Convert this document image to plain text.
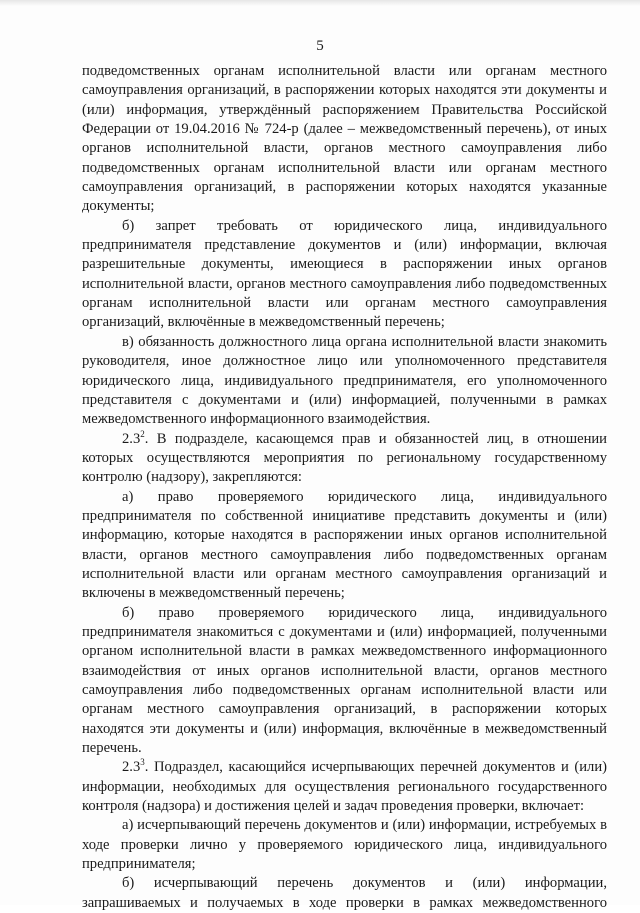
5

подведомственных органам исполнительной власти или органам местного самоуправления организаций, в распоряжении которых находятся эти документы и (или) информация, утверждённый распоряжением Правительства Российской Федерации от 19.04.2016 № 724-р (далее – межведомственный перечень), от иных органов исполнительной власти, органов местного самоуправления либо подведомственных органам исполнительной власти или органам местного самоуправления организаций, в распоряжении которых находятся указанные документы;

б) запрет требовать от юридического лица, индивидуального предпринимателя представление документов и (или) информации, включая разрешительные документы, имеющиеся в распоряжении иных органов исполнительной власти, органов местного самоуправления либо подведомственных органам исполнительной власти или органам местного самоуправления организаций, включённые в межведомственный перечень;

в) обязанность должностного лица органа исполнительной власти знакомить руководителя, иное должностное лицо или уполномоченного представителя юридического лица, индивидуального предпринимателя, его уполномоченного представителя с документами и (или) информацией, полученными в рамках межведомственного информационного взаимодействия.

$2.3^2$. В подразделе, касающемся прав и обязанностей лиц, в отношении которых осуществляются мероприятия по региональному государственному контролю (надзору), закрепляются:

а) право проверяемого юридического лица, индивидуального предпринимателя по собственной инициативе представить документы и (или) информацию, которые находятся в распоряжении иных органов исполнительной власти, органов местного самоуправления либо подведомственных органам исполнительной власти или органам местного самоуправления организаций и включены в межведомственный перечень;

б) право проверяемого юридического лица, индивидуального предпринимателя знакомиться с документами и (или) информацией, полученными органом исполнительной власти в рамках межведомственного информационного взаимодействия от иных органов исполнительной власти, органов местного самоуправления либо подведомственных органам исполнительной власти или органам местного самоуправления организаций, в распоряжении которых находятся эти документы и (или) информация, включённые в межведомственный перечень.

$2.3^3$. Подраздел, касающийся исчерпывающих перечней документов и (или) информации, необходимых для осуществления регионального государственного контроля (надзора) и достижения целей и задач проведения проверки, включает:

а) исчерпывающий перечень документов и (или) информации, истребуемых в ходе проверки лично у проверяемого юридического лица, индивидуального предпринимателя;

б) исчерпывающий перечень документов и (или) информации, запрашиваемых и получаемых в ходе проверки в рамках межведомственного
